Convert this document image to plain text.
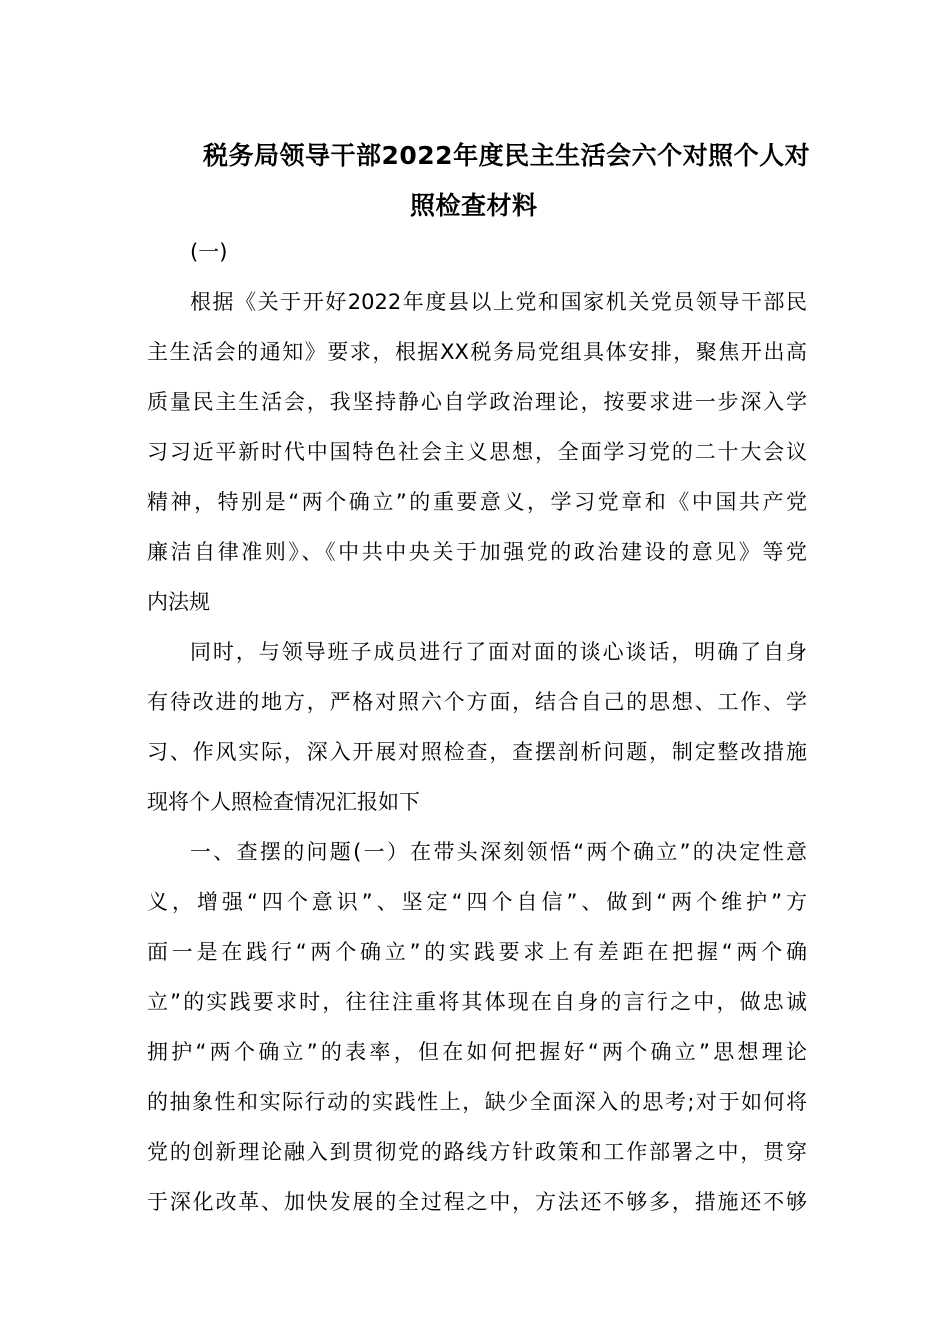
税务局领导干部2022年度民主生活会六个对照个人对
照检查材料
(一)
根据《关于开好2022年度县以上党和国家机关党员领导干部民
主生活会的通知》要求，根据XX税务局党组具体安排，聚焦开出高
质量民主生活会，我坚持静心自学政治理论，按要求进一步深入学
习习近平新时代中国特色社会主义思想，全面学习党的二十大会议
精神，特别是“两个确立”的重要意义，学习党章和《中国共产党
廉洁自律准则》、《中共中央关于加强党的政治建设的意见》等党
内法规
同时，与领导班子成员进行了面对面的谈心谈话，明确了自身
有待改进的地方，严格对照六个方面，结合自己的思想、工作、学
习、作风实际，深入开展对照检查，查摆剖析问题，制定整改措施
现将个人照检查情况汇报如下
一、查摆的问题(一）在带头深刻领悟“两个确立”的决定性意
义，增强“四个意识”、坚定“四个自信”、做到“两个维护”方
面一是在践行“两个确立”的实践要求上有差距在把握“两个确
立”的实践要求时，往往注重将其体现在自身的言行之中，做忠诚
拥护“两个确立”的表率，但在如何把握好“两个确立”思想理论
的抽象性和实际行动的实践性上，缺少全面深入的思考;对于如何将
党的创新理论融入到贯彻党的路线方针政策和工作部署之中，贯穿
于深化改革、加快发展的全过程之中，方法还不够多，措施还不够
